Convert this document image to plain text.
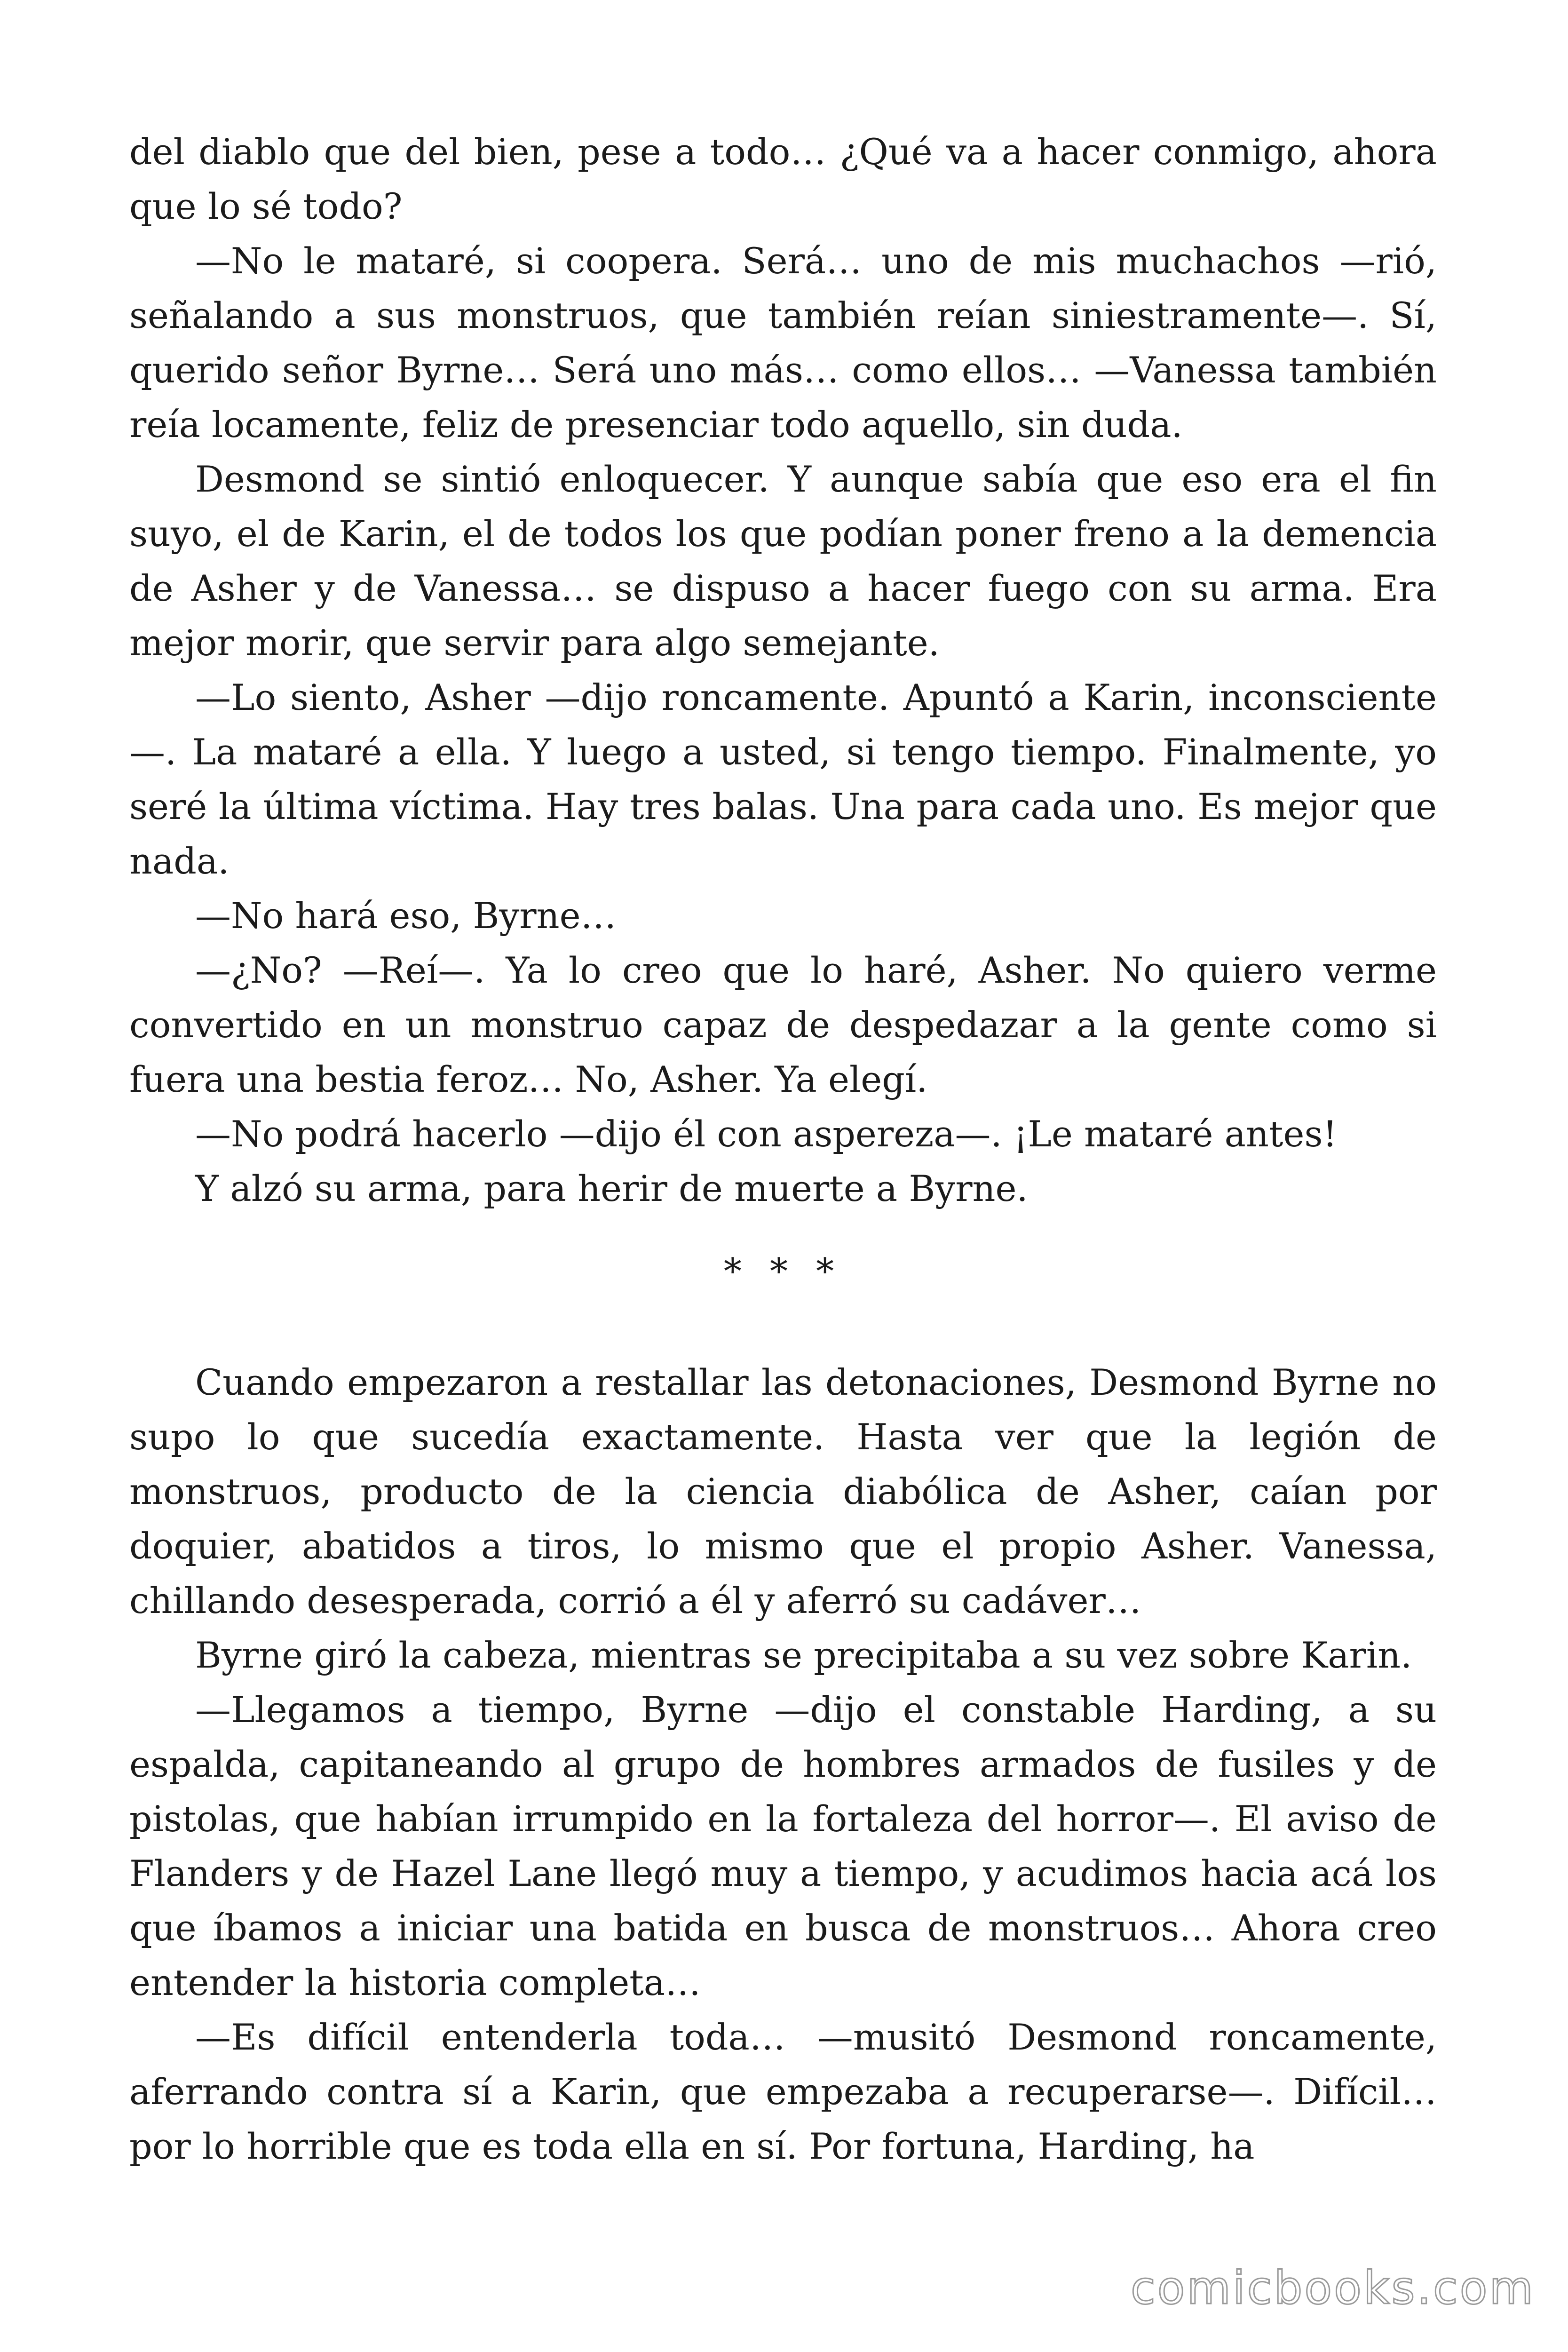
del diablo que del bien, pese a todo… ¿Qué va a hacer conmigo, ahora que lo sé todo?

—No le mataré, si coopera. Será… uno de mis muchachos —rió, señalando a sus monstruos, que también reían siniestramente—. Sí, querido señor Byrne… Será uno más… como ellos… —Vanessa también reía locamente, feliz de presenciar todo aquello, sin duda.

Desmond se sintió enloquecer. Y aunque sabía que eso era el fin suyo, el de Karin, el de todos los que podían poner freno a la demencia de Asher y de Vanessa… se dispuso a hacer fuego con su arma. Era mejor morir, que servir para algo semejante.

—Lo siento, Asher —dijo roncamente. Apuntó a Karin, inconsciente—. La mataré a ella. Y luego a usted, si tengo tiempo. Finalmente, yo seré la última víctima. Hay tres balas. Una para cada uno. Es mejor que nada.

—No hará eso, Byrne…

—¿No? —Reí—. Ya lo creo que lo haré, Asher. No quiero verme convertido en un monstruo capaz de despedazar a la gente como si fuera una bestia feroz… No, Asher. Ya elegí.

—No podrá hacerlo —dijo él con aspereza—. ¡Le mataré antes!

Y alzó su arma, para herir de muerte a Byrne.

* * *

Cuando empezaron a restallar las detonaciones, Desmond Byrne no supo lo que sucedía exactamente. Hasta ver que la legión de monstruos, producto de la ciencia diabólica de Asher, caían por doquier, abatidos a tiros, lo mismo que el propio Asher. Vanessa, chillando desesperada, corrió a él y aferró su cadáver…

Byrne giró la cabeza, mientras se precipitaba a su vez sobre Karin.

—Llegamos a tiempo, Byrne —dijo el constable Harding, a su espalda, capitaneando al grupo de hombres armados de fusiles y de pistolas, que habían irrumpido en la fortaleza del horror—. El aviso de Flanders y de Hazel Lane llegó muy a tiempo, y acudimos hacia acá los que íbamos a iniciar una batida en busca de monstruos… Ahora creo entender la historia completa…

—Es difícil entenderla toda… —musitó Desmond roncamente, aferrando contra sí a Karin, que empezaba a recuperarse—. Difícil… por lo horrible que es toda ella en sí. Por fortuna, Harding, ha

comicbooks.com
